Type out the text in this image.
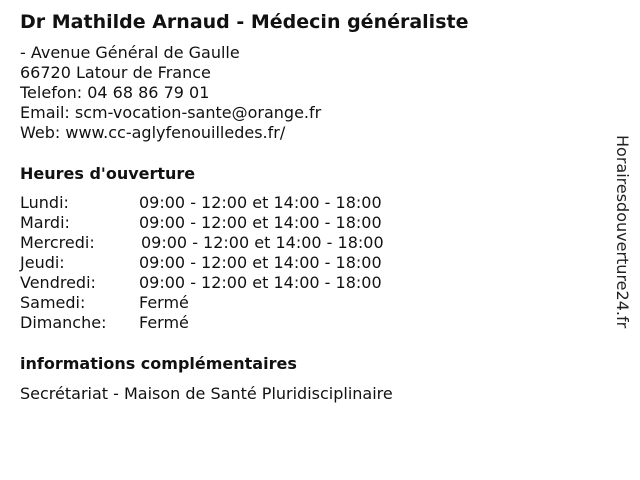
Dr Mathilde Arnaud - Médecin généraliste
- Avenue Général de Gaulle
66720 Latour de France
Telefon: 04 68 86 79 01
Email: scm-vocation-sante@orange.fr
Web: www.cc-aglyfenouilledes.fr/
Heures d'ouverture
Lundi:	09:00 - 12:00 et 14:00 - 18:00
Mardi:	09:00 - 12:00 et 14:00 - 18:00
Mercredi:	09:00 - 12:00 et 14:00 - 18:00
Jeudi:	09:00 - 12:00 et 14:00 - 18:00
Vendredi:	09:00 - 12:00 et 14:00 - 18:00
Samedi:	Fermé
Dimanche: Fermé
informations complémentaires
Secrétariat - Maison de Santé Pluridisciplinaire
Horairesdouverture24.fr
